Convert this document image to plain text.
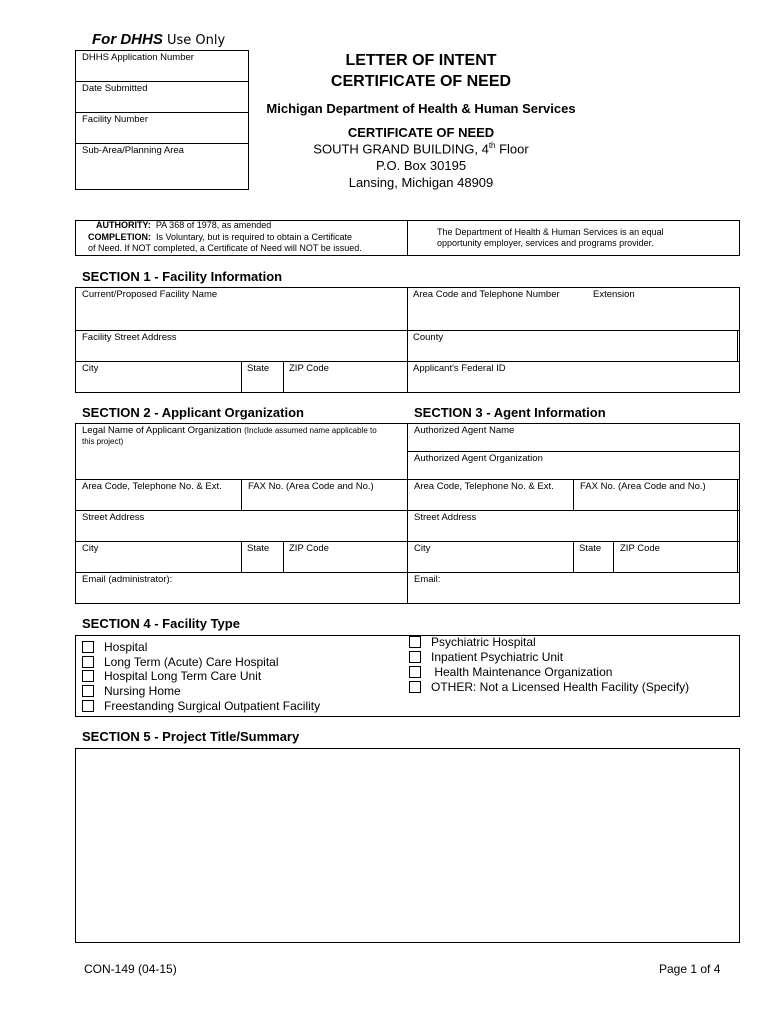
For DHHS Use Only
DHHS Application Number
Date Submitted
Facility Number
Sub-Area/Planning Area
LETTER OF INTENT
CERTIFICATE OF NEED
Michigan Department of Health & Human Services
CERTIFICATE OF NEED
SOUTH GRAND BUILDING, 4th Floor
P.O. Box 30195
Lansing, Michigan 48909
AUTHORITY: PA 368 of 1978, as amended
COMPLETION: Is Voluntary, but is required to obtain a Certificate
of Need. If NOT completed, a Certificate of Need will NOT be issued.
The Department of Health & Human Services is an equal
opportunity employer, services and programs provider.
SECTION 1 - Facility Information
Current/Proposed Facility Name	Area Code and Telephone Number	Extension
Facility Street Address	County
City	State ZIP Code	Applicant's Federal ID
SECTION 2 - Applicant Organization	SECTION 3 - Agent Information
Legal Name of Applicant Organization (Include assumed name applicable to
this project)
Authorized Agent Name
Authorized Agent Organization
Area Code, Telephone No. & Ext.	FAX No. (Area Code and No.)	Area Code, Telephone No. & Ext.	FAX No. (Area Code and No.)
Street Address	Street Address
City	State ZIP Code	City	State ZIP Code
Email (administrator):	Email:
SECTION 4 - Facility Type
Hospital
Long Term (Acute) Care Hospital
Hospital Long Term Care Unit
Nursing Home
Freestanding Surgical Outpatient Facility
Psychiatric Hospital
Inpatient Psychiatric Unit
Health Maintenance Organization
OTHER: Not a Licensed Health Facility (Specify)
SECTION 5 - Project Title/Summary
CON-149 (04-15)	Page 1 of 4
